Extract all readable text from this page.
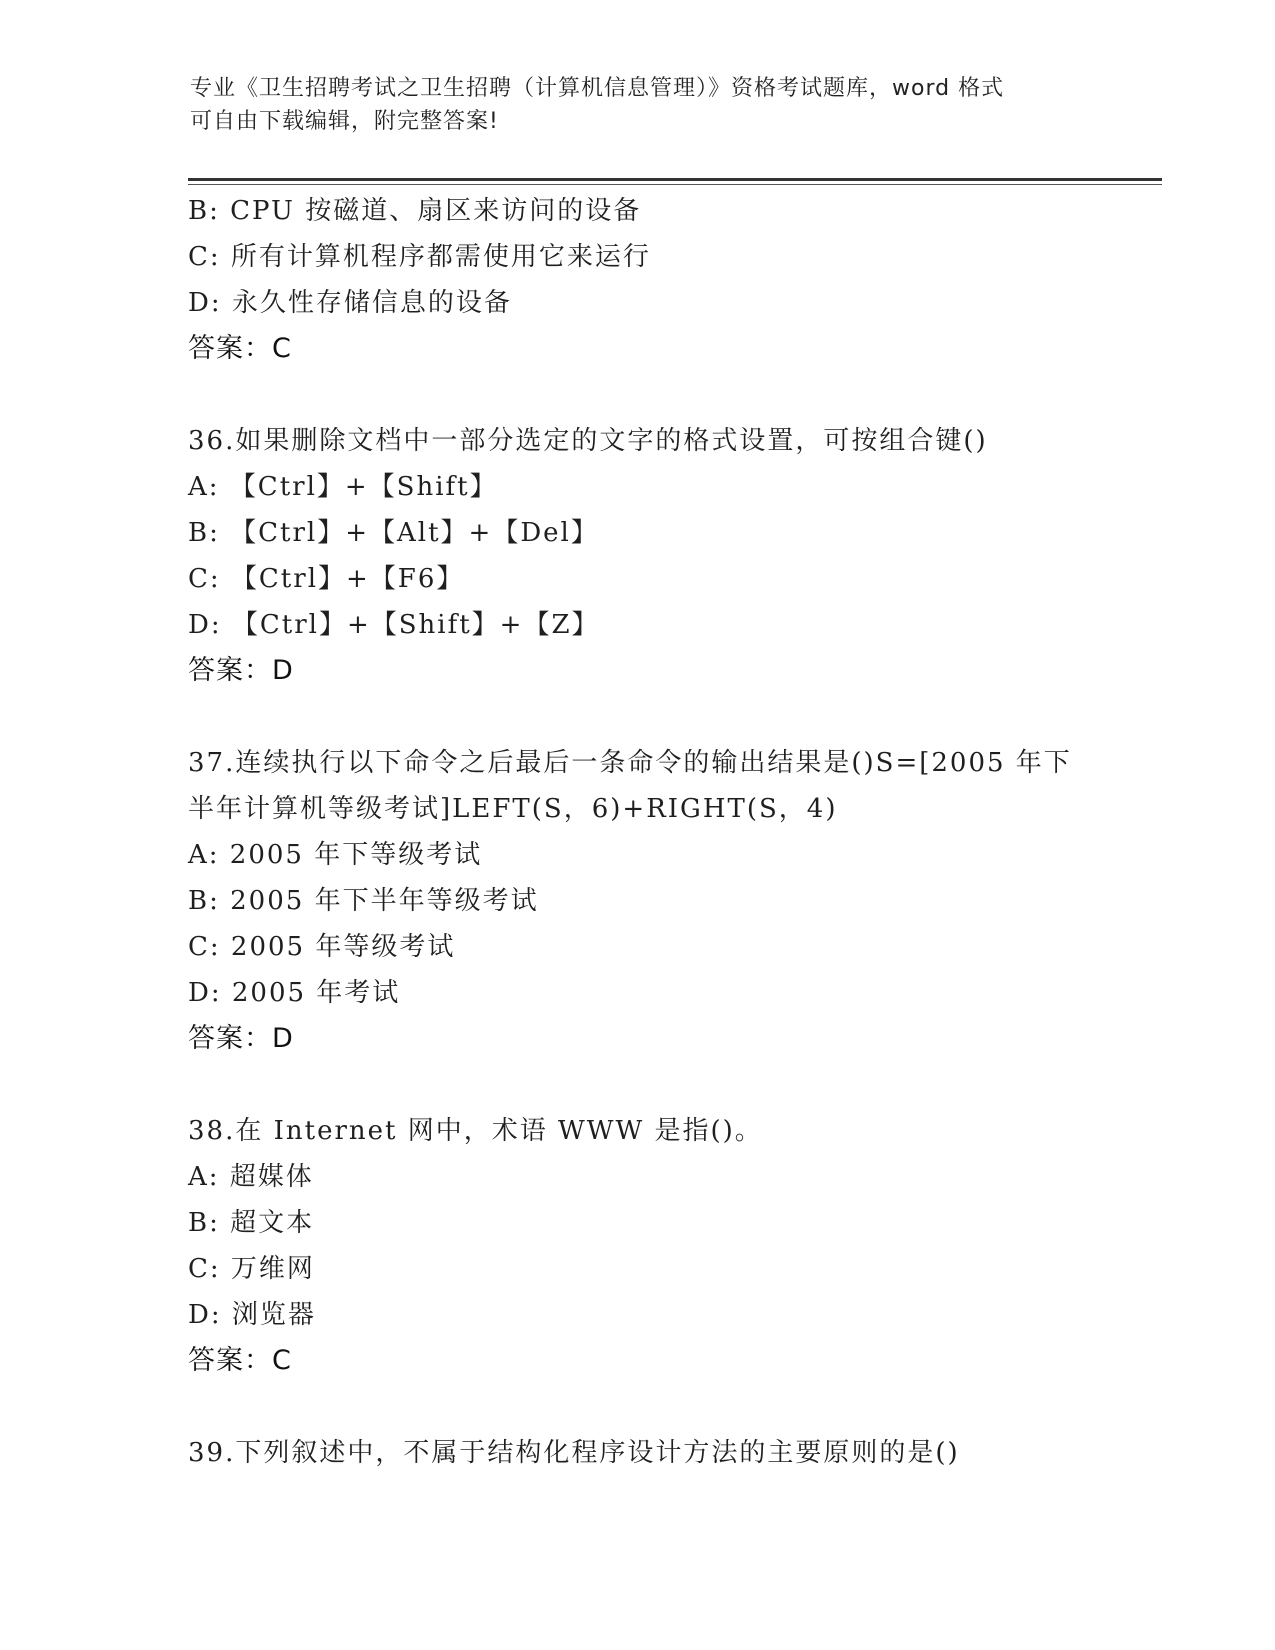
专业《卫生招聘考试之卫生招聘（计算机信息管理）》资格考试题库，word 格式
可自由下载编辑，附完整答案!
B: CPU 按磁道、扇区来访问的设备
C: 所有计算机程序都需使用它来运行
D: 永久性存储信息的设备
答案：C
36.如果删除文档中一部分选定的文字的格式设置，可按组合键()
A: 【Ctrl】+【Shift】
B: 【Ctrl】+【Alt】+【Del】
C: 【Ctrl】+【F6】
D: 【Ctrl】+【Shift】+【Z】
答案：D
37.连续执行以下命令之后最后一条命令的输出结果是()S=[2005 年下
半年计算机等级考试]LEFT(S，6)+RIGHT(S，4)
A: 2005 年下等级考试
B: 2005 年下半年等级考试
C: 2005 年等级考试
D: 2005 年考试
答案：D
38.在 Internet 网中，术语 WWW 是指()。
A: 超媒体
B: 超文本
C: 万维网
D: 浏览器
答案：C
39.下列叙述中，不属于结构化程序设计方法的主要原则的是()
